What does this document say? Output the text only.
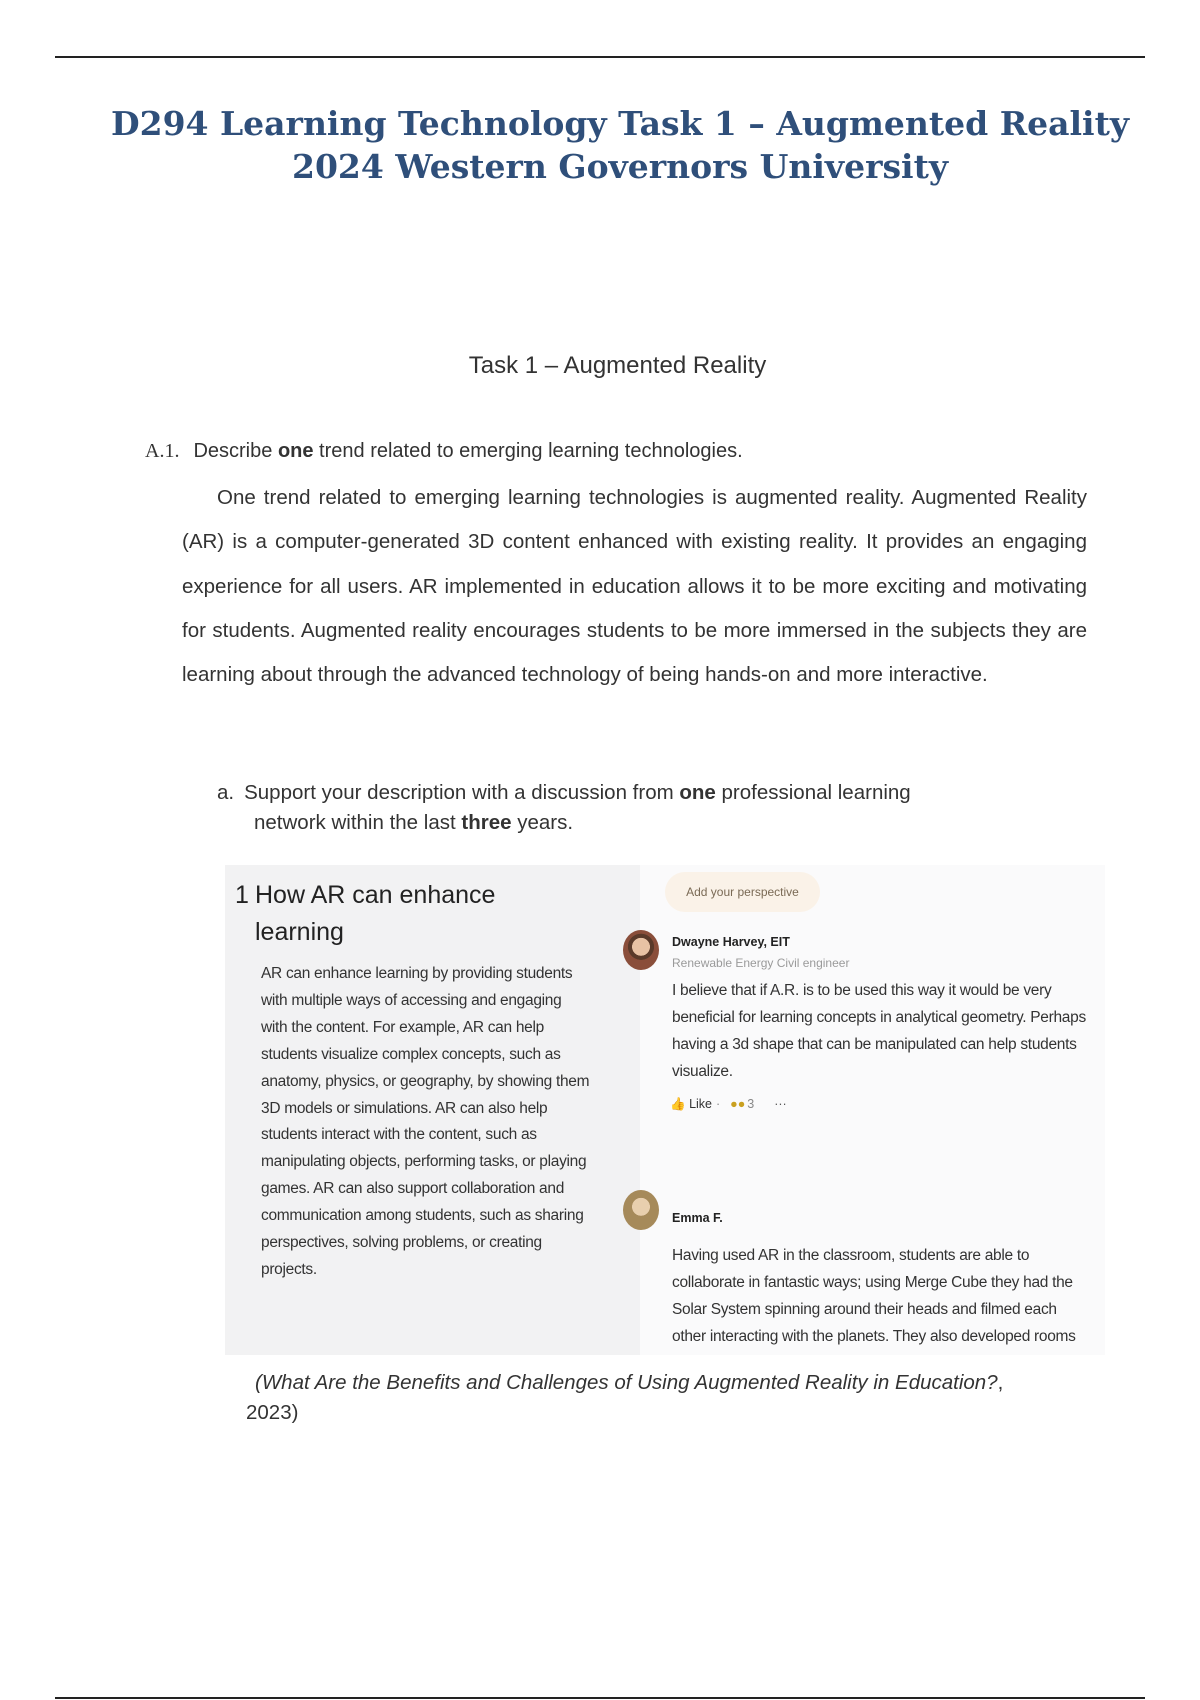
D294 Learning Technology Task 1 – Augmented Reality
2024 Western Governors University
Task 1 – Augmented Reality
A.1. Describe one trend related to emerging learning technologies.
One trend related to emerging learning technologies is augmented reality. Augmented Reality (AR) is a computer-generated 3D content enhanced with existing reality. It provides an engaging experience for all users. AR implemented in education allows it to be more exciting and motivating for students. Augmented reality encourages students to be more immersed in the subjects they are learning about through the advanced technology of being hands-on and more interactive.
a. Support your description with a discussion from one professional learning
network within the last three years.
1 How AR can enhance learning
AR can enhance learning by providing students with multiple ways of accessing and engaging with the content. For example, AR can help students visualize complex concepts, such as anatomy, physics, or geography, by showing them 3D models or simulations. AR can also help students interact with the content, such as manipulating objects, performing tasks, or playing games. AR can also support collaboration and communication among students, such as sharing perspectives, solving problems, or creating projects.
Add your perspective
Dwayne Harvey, EIT
Renewable Energy Civil engineer
I believe that if A.R. is to be used this way it would be very beneficial for learning concepts in analytical geometry. Perhaps having a 3d shape that can be manipulated can help students visualize.
👍 Like · ●● 3 ···
Emma F.
Having used AR in the classroom, students are able to collaborate in fantastic ways; using Merge Cube they had the Solar System spinning around their heads and filmed each other interacting with the planets. They also developed rooms
(What Are the Benefits and Challenges of Using Augmented Reality in Education?,
2023)
